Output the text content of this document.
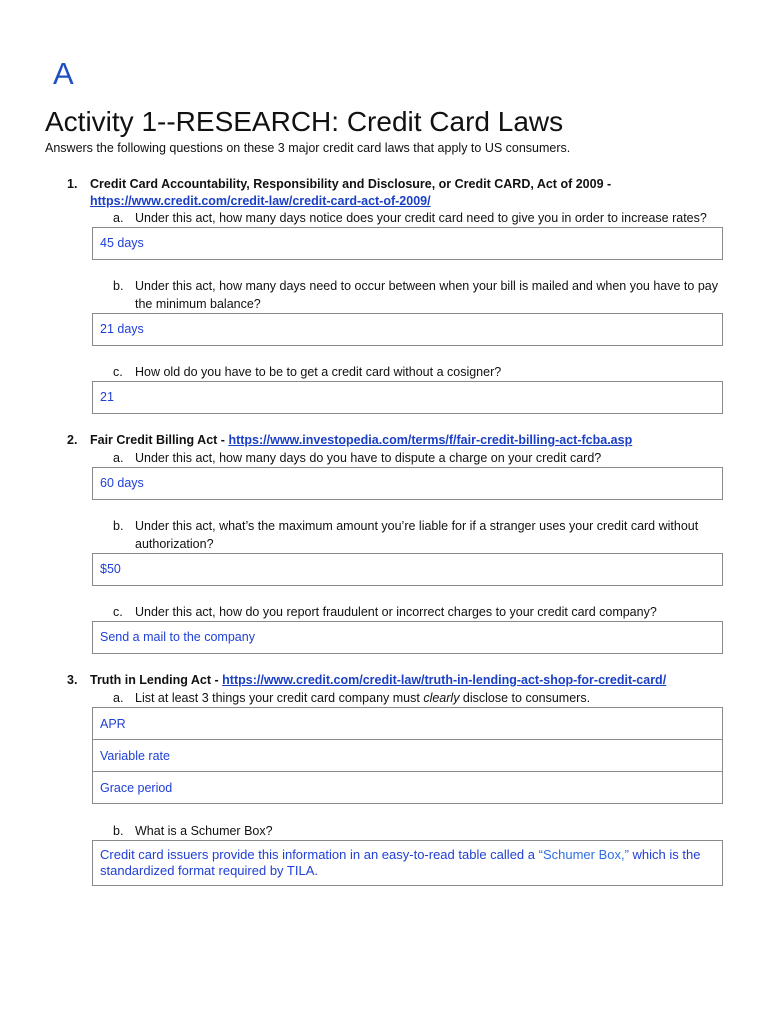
A
Activity 1--RESEARCH: Credit Card Laws
Answers the following questions on these 3 major credit card laws that apply to US consumers.
1. Credit Card Accountability, Responsibility and Disclosure, or Credit CARD, Act of 2009 -
https://www.credit.com/credit-law/credit-card-act-of-2009/
a. Under this act, how many days notice does your credit card need to give you in order to increase rates?
45 days
b. Under this act, how many days need to occur between when your bill is mailed and when you have to pay the minimum balance?
21 days
c. How old do you have to be to get a credit card without a cosigner?
21
2. Fair Credit Billing Act - https://www.investopedia.com/terms/f/fair-credit-billing-act-fcba.asp
a. Under this act, how many days do you have to dispute a charge on your credit card?
60 days
b. Under this act, what’s the maximum amount you’re liable for if a stranger uses your credit card without authorization?
$50
c. Under this act, how do you report fraudulent or incorrect charges to your credit card company?
Send a mail to the company
3. Truth in Lending Act - https://www.credit.com/credit-law/truth-in-lending-act-shop-for-credit-card/
a. List at least 3 things your credit card company must clearly disclose to consumers.
APR
Variable rate
Grace period
b. What is a Schumer Box?
Credit card issuers provide this information in an easy-to-read table called a “Schumer Box,” which is the standardized format required by TILA.
